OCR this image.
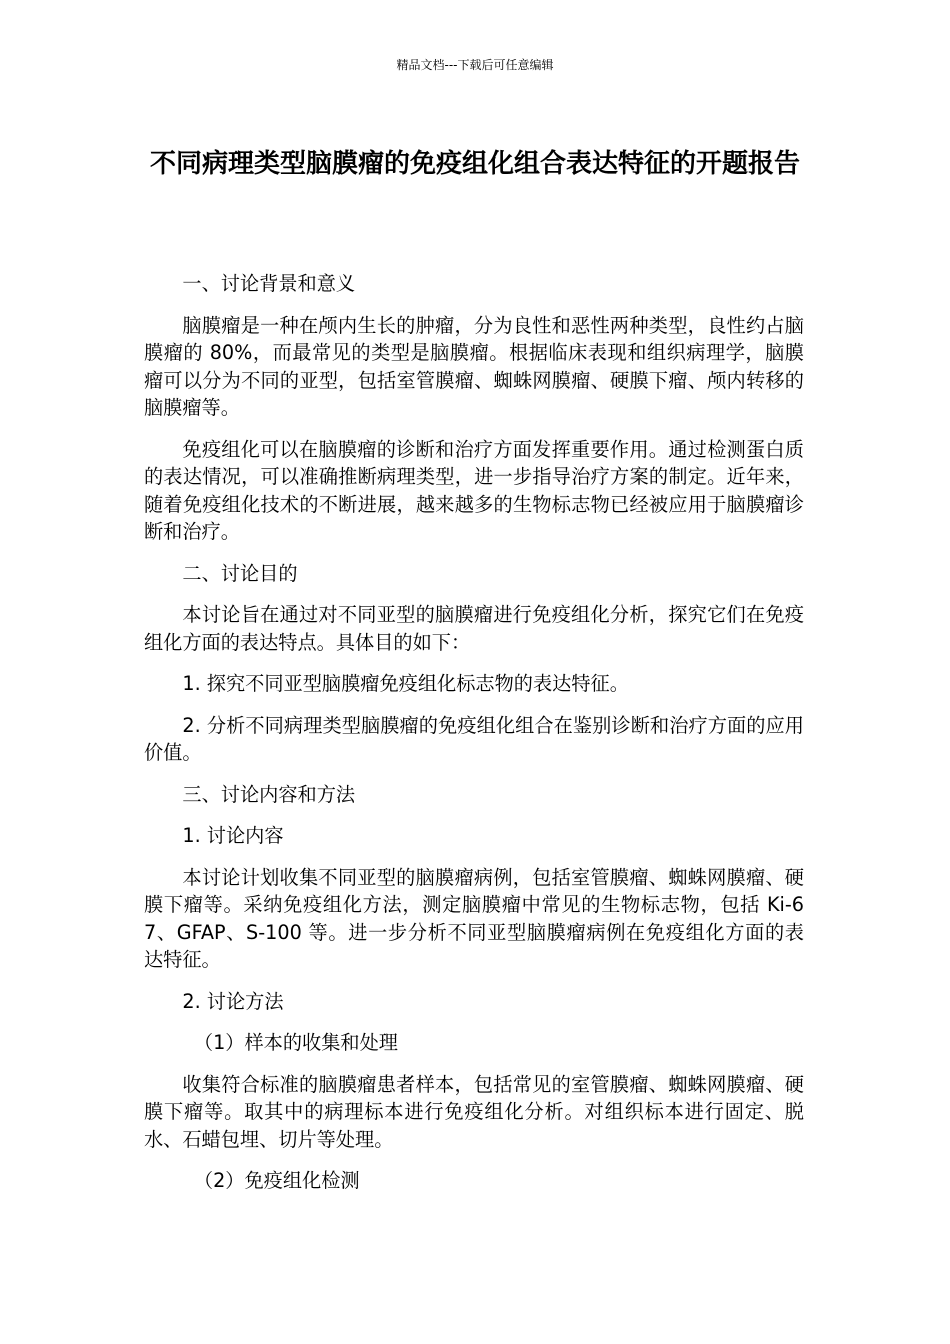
精品文档---下载后可任意编辑
不同病理类型脑膜瘤的免疫组化组合表达特征的开题报告

一、讨论背景和意义

脑膜瘤是一种在颅内生长的肿瘤，分为良性和恶性两种类型，良性约占脑膜瘤的 80%，而最常见的类型是脑膜瘤。根据临床表现和组织病理学，脑膜瘤可以分为不同的亚型，包括室管膜瘤、蜘蛛网膜瘤、硬膜下瘤、颅内转移的脑膜瘤等。

免疫组化可以在脑膜瘤的诊断和治疗方面发挥重要作用。通过检测蛋白质的表达情况，可以准确推断病理类型，进一步指导治疗方案的制定。近年来，随着免疫组化技术的不断进展，越来越多的生物标志物已经被应用于脑膜瘤诊断和治疗。

二、讨论目的

本讨论旨在通过对不同亚型的脑膜瘤进行免疫组化分析，探究它们在免疫组化方面的表达特点。具体目的如下：

1. 探究不同亚型脑膜瘤免疫组化标志物的表达特征。

2. 分析不同病理类型脑膜瘤的免疫组化组合在鉴别诊断和治疗方面的应用价值。

三、讨论内容和方法

1. 讨论内容

本讨论计划收集不同亚型的脑膜瘤病例，包括室管膜瘤、蜘蛛网膜瘤、硬膜下瘤等。采纳免疫组化方法，测定脑膜瘤中常见的生物标志物，包括 Ki-67、GFAP、S-100 等。进一步分析不同亚型脑膜瘤病例在免疫组化方面的表达特征。

2. 讨论方法

（1）样本的收集和处理

收集符合标准的脑膜瘤患者样本，包括常见的室管膜瘤、蜘蛛网膜瘤、硬膜下瘤等。取其中的病理标本进行免疫组化分析。对组织标本进行固定、脱水、石蜡包埋、切片等处理。

（2）免疫组化检测
